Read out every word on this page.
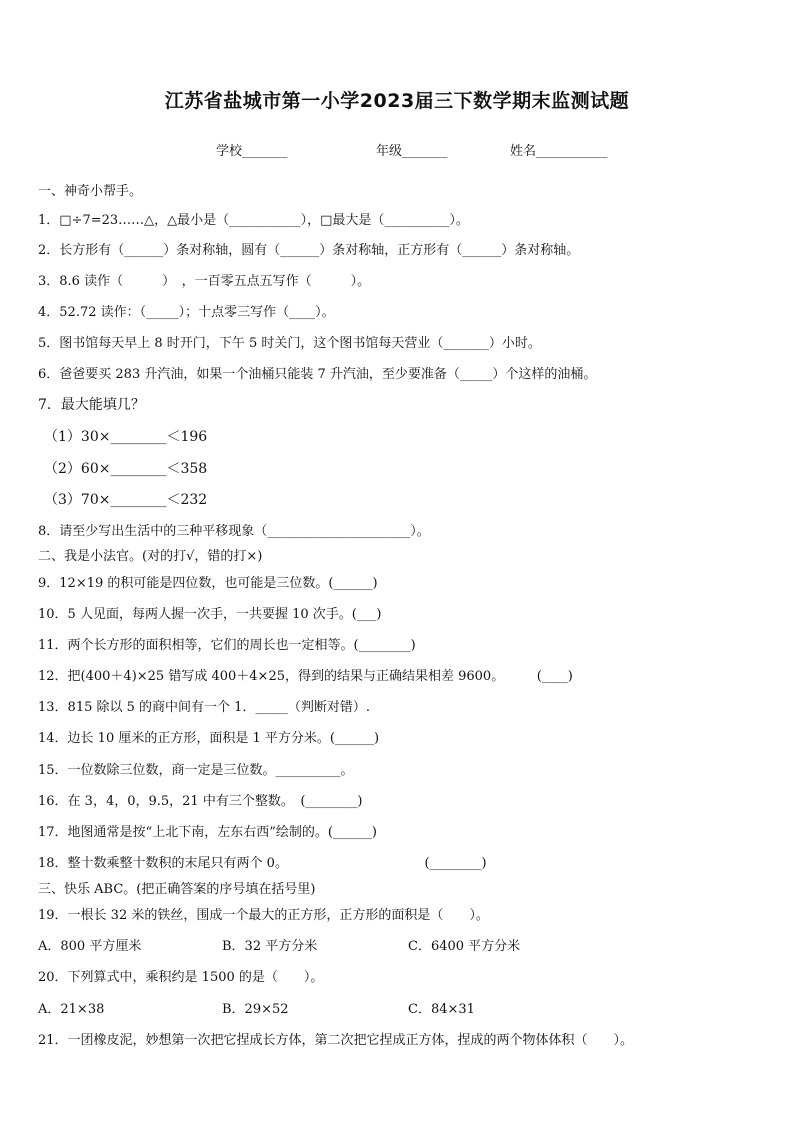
江苏省盐城市第一小学2023届三下数学期末监测试题
学校_______	年级_______	姓名___________
一、神奇小帮手。
1．□÷7=23……△，△最小是（___________），□最大是（__________）。
2．长方形有（______）条对称轴，圆有（______）条对称轴，正方形有（______）条对称轴。
3．8.6 读作（　　　）　，一百零五点五写作（　　　）。
4．52.72 读作：（_____）；十点零三写作（____）。
5．图书馆每天早上 8 时开门，下午 5 时关门，这个图书馆每天营业（_______）小时。
6．爸爸要买 283 升汽油，如果一个油桶只能装 7 升汽油，至少要准备（_____）个这样的油桶。
7．最大能填几？
（1）30×________＜196
（2）60×________＜358
（3）70×________＜232
8．请至少写出生活中的三种平移现象（______________________）。
二、我是小法官。(对的打√，错的打×)
9．12×19 的积可能是四位数，也可能是三位数。(______)
10．5 人见面，每两人握一次手，一共要握 10 次手。(___)
11．两个长方形的面积相等，它们的周长也一定相等。(________)
12．把(400＋4)×25 错写成 400＋4×25，得到的结果与正确结果相差 9600。　　　(____)
13．815 除以 5 的商中间有一个 1．_____（判断对错）.
14．边长 10 厘米的正方形，面积是 1 平方分米。(______)
15．一位数除三位数，商一定是三位数。__________。
16．在 3，4，0，9.5，21 中有三个整数。　(________)
17．地图通常是按“上北下南，左东右西”绘制的。(______)
18．整十数乘整十数积的末尾只有两个 0。　　　　　　　　　　　(________)
三、快乐 ABC。(把正确答案的序号填在括号里)
19．一根长 32 米的铁丝，围成一个最大的正方形，正方形的面积是（　　）。
A．800 平方厘米	B．32 平方分米	C．6400 平方分米
20．下列算式中，乘积约是 1500 的是（　　）。
A．21×38	B．29×52	C．84×31
21．一团橡皮泥，妙想第一次把它捏成长方体，第二次把它捏成正方体，捏成的两个物体体积（　　）。
